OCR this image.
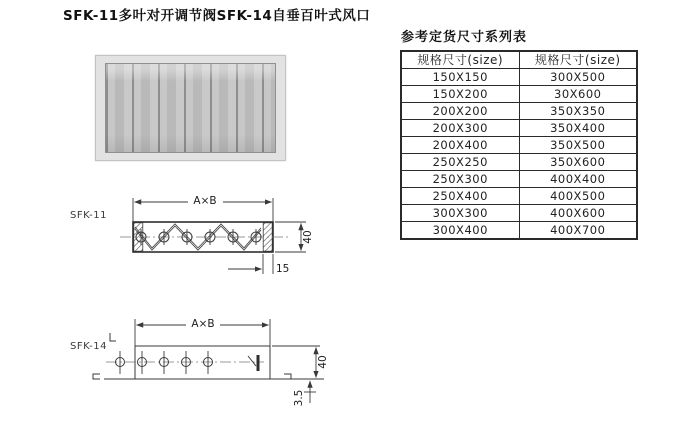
SFK-11多叶对开调节阀SFK-14自垂百叶式风口
参考定货尺寸系列表
规格尺寸(size)	规格尺寸(size)
150X150	300X500
150X200	30X600
200X200	350X350
200X300	350X400
200X400	350X500
250X250	350X600
250X300	400X400
250X400	400X500
300X300	400X600
300X400	400X700
SFK-11
A×B
40
15
SFK-14
A×B
40
3.5
